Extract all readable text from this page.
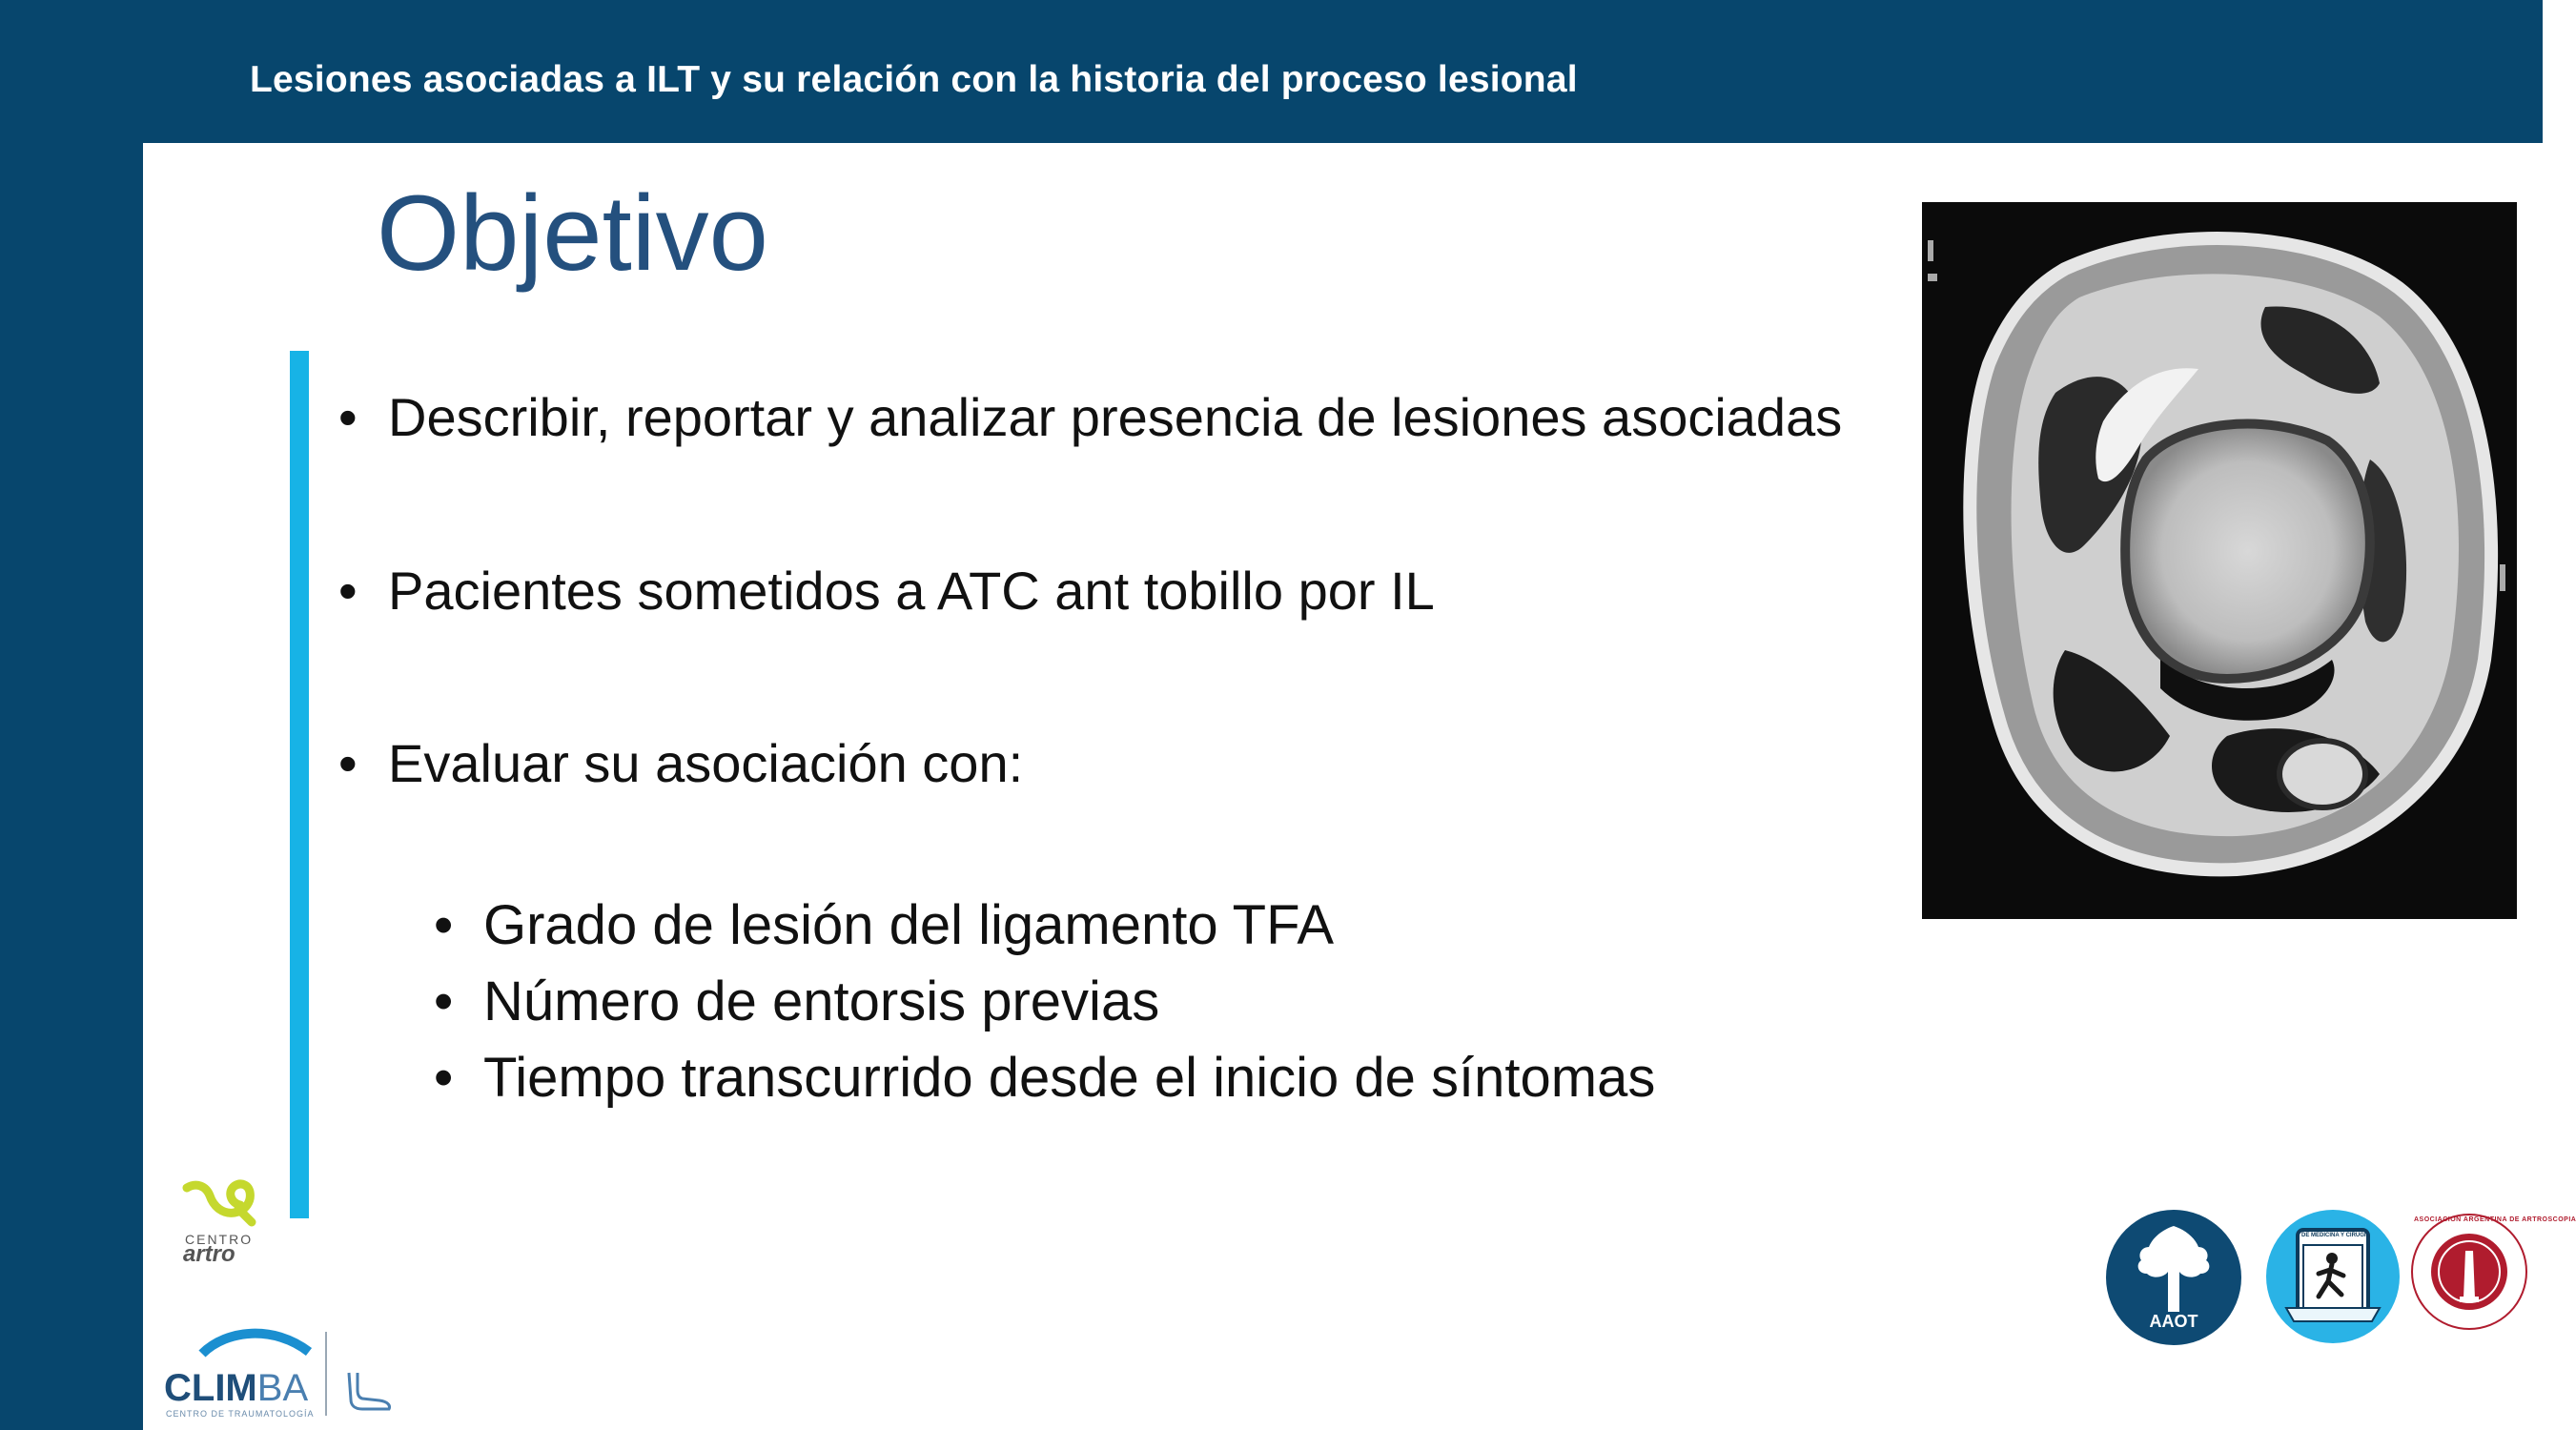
Lesiones asociadas a ILT y su relación con la historia del proceso lesional
Objetivo
• Describir, reportar y analizar presencia de lesiones asociadas
• Pacientes sometidos a ATC ant tobillo por IL
• Evaluar su asociación con:
• Grado de lesión del ligamento TFA
• Número de entorsis previas
• Tiempo transcurrido desde el inicio de síntomas
CENTRO
artro
CLIMBA
CENTRO DE TRAUMATOLOGÍA
AAOT
DE MEDICINA Y CIRUGIA
ASOCIACION ARGENTINA DE ARTROSCOPIA
